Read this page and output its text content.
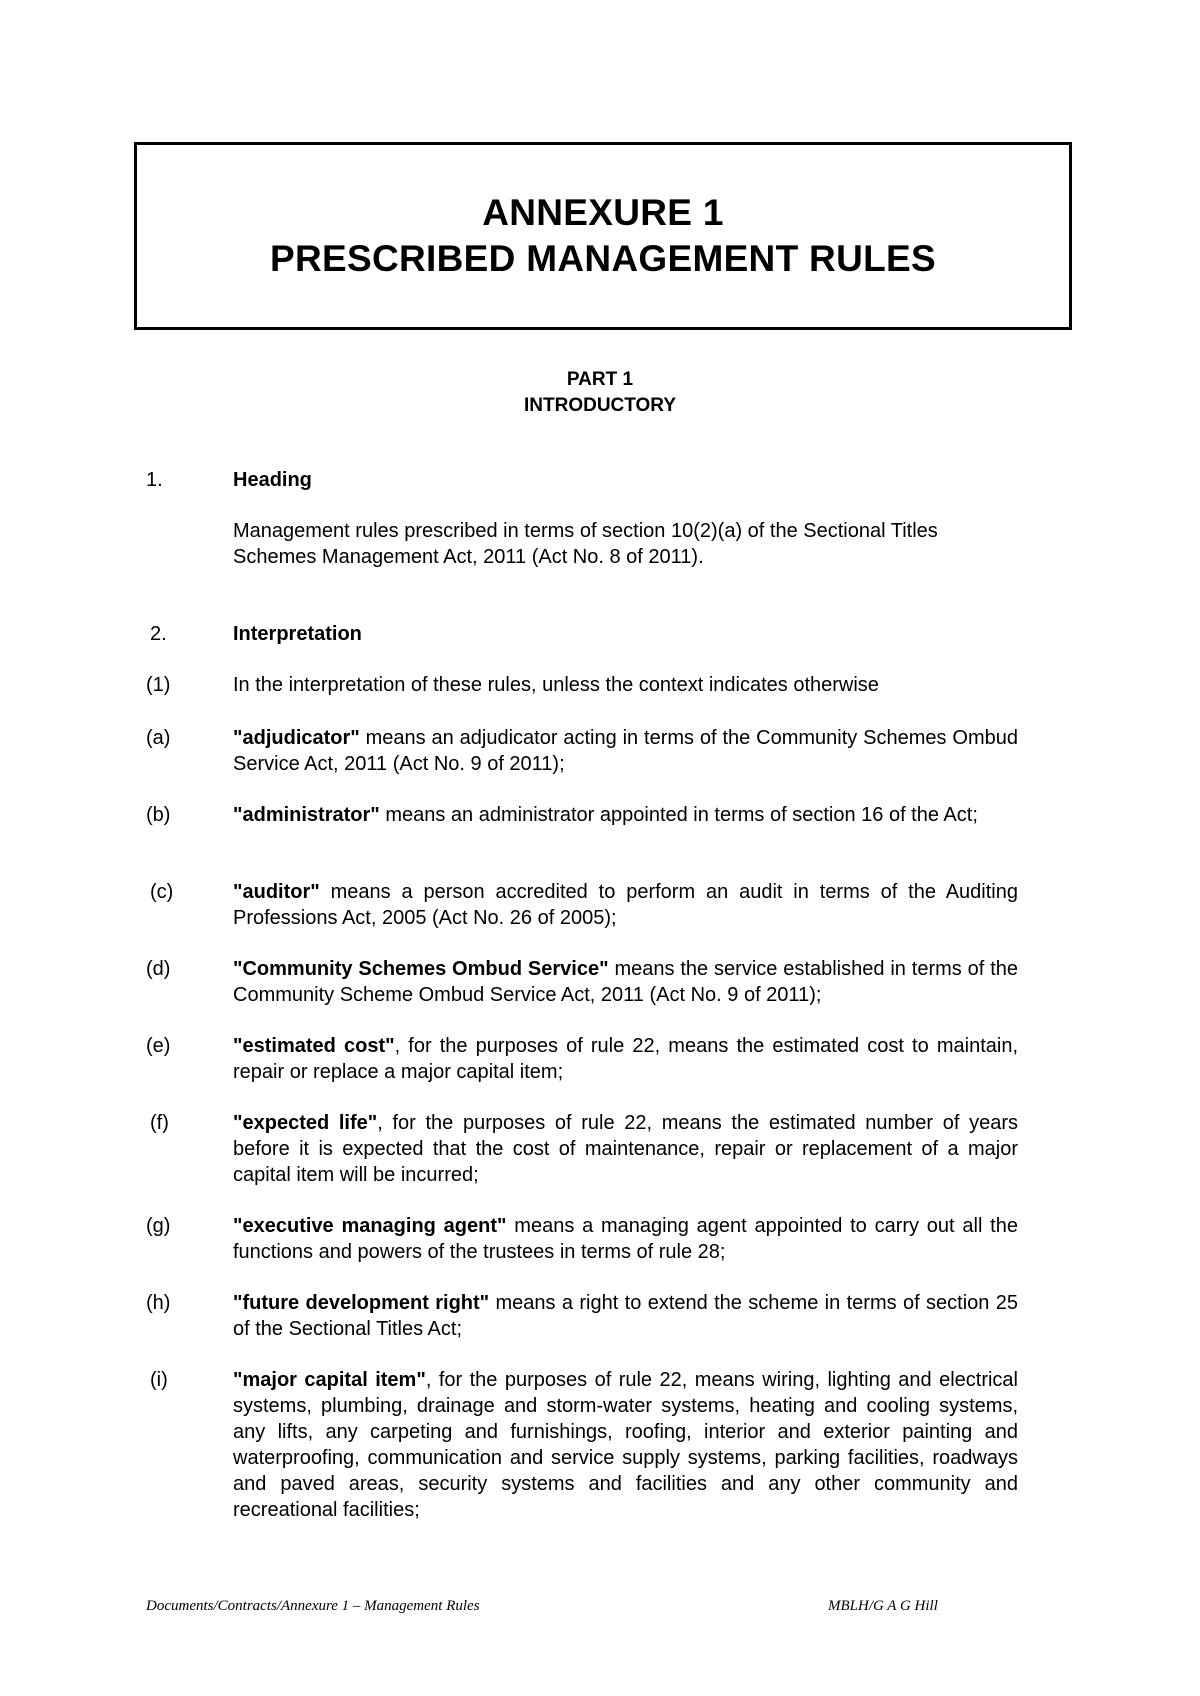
ANNEXURE 1
PRESCRIBED MANAGEMENT RULES
PART 1
INTRODUCTORY
1.	Heading
Management rules prescribed in terms of section 10(2)(a) of the Sectional Titles Schemes Management Act, 2011 (Act No. 8 of 2011).
2.	Interpretation
(1)	In the interpretation of these rules, unless the context indicates otherwise
(a)	"adjudicator" means an adjudicator acting in terms of the Community Schemes Ombud Service Act, 2011 (Act No. 9 of 2011);
(b)	"administrator" means an administrator appointed in terms of section 16 of the Act;
(c)	"auditor" means a person accredited to perform an audit in terms of the Auditing Professions Act, 2005 (Act No. 26 of 2005);
(d)	"Community Schemes Ombud Service" means the service established in terms of the Community Scheme Ombud Service Act, 2011 (Act No. 9 of 2011);
(e)	"estimated cost", for the purposes of rule 22, means the estimated cost to maintain, repair or replace a major capital item;
(f)	"expected life", for the purposes of rule 22, means the estimated number of years before it is expected that the cost of maintenance, repair or replacement of a major capital item will be incurred;
(g)	"executive managing agent" means a managing agent appointed to carry out all the functions and powers of the trustees in terms of rule 28;
(h)	"future development right" means a right to extend the scheme in terms of section 25 of the Sectional Titles Act;
(i)	"major capital item", for the purposes of rule 22, means wiring, lighting and electrical systems, plumbing, drainage and storm-water systems, heating and cooling systems, any lifts, any carpeting and furnishings, roofing, interior and exterior painting and waterproofing, communication and service supply systems, parking facilities, roadways and paved areas, security systems and facilities and any other community and recreational facilities;
Documents/Contracts/Annexure 1 – Management Rules	MBLH/G A G Hill
